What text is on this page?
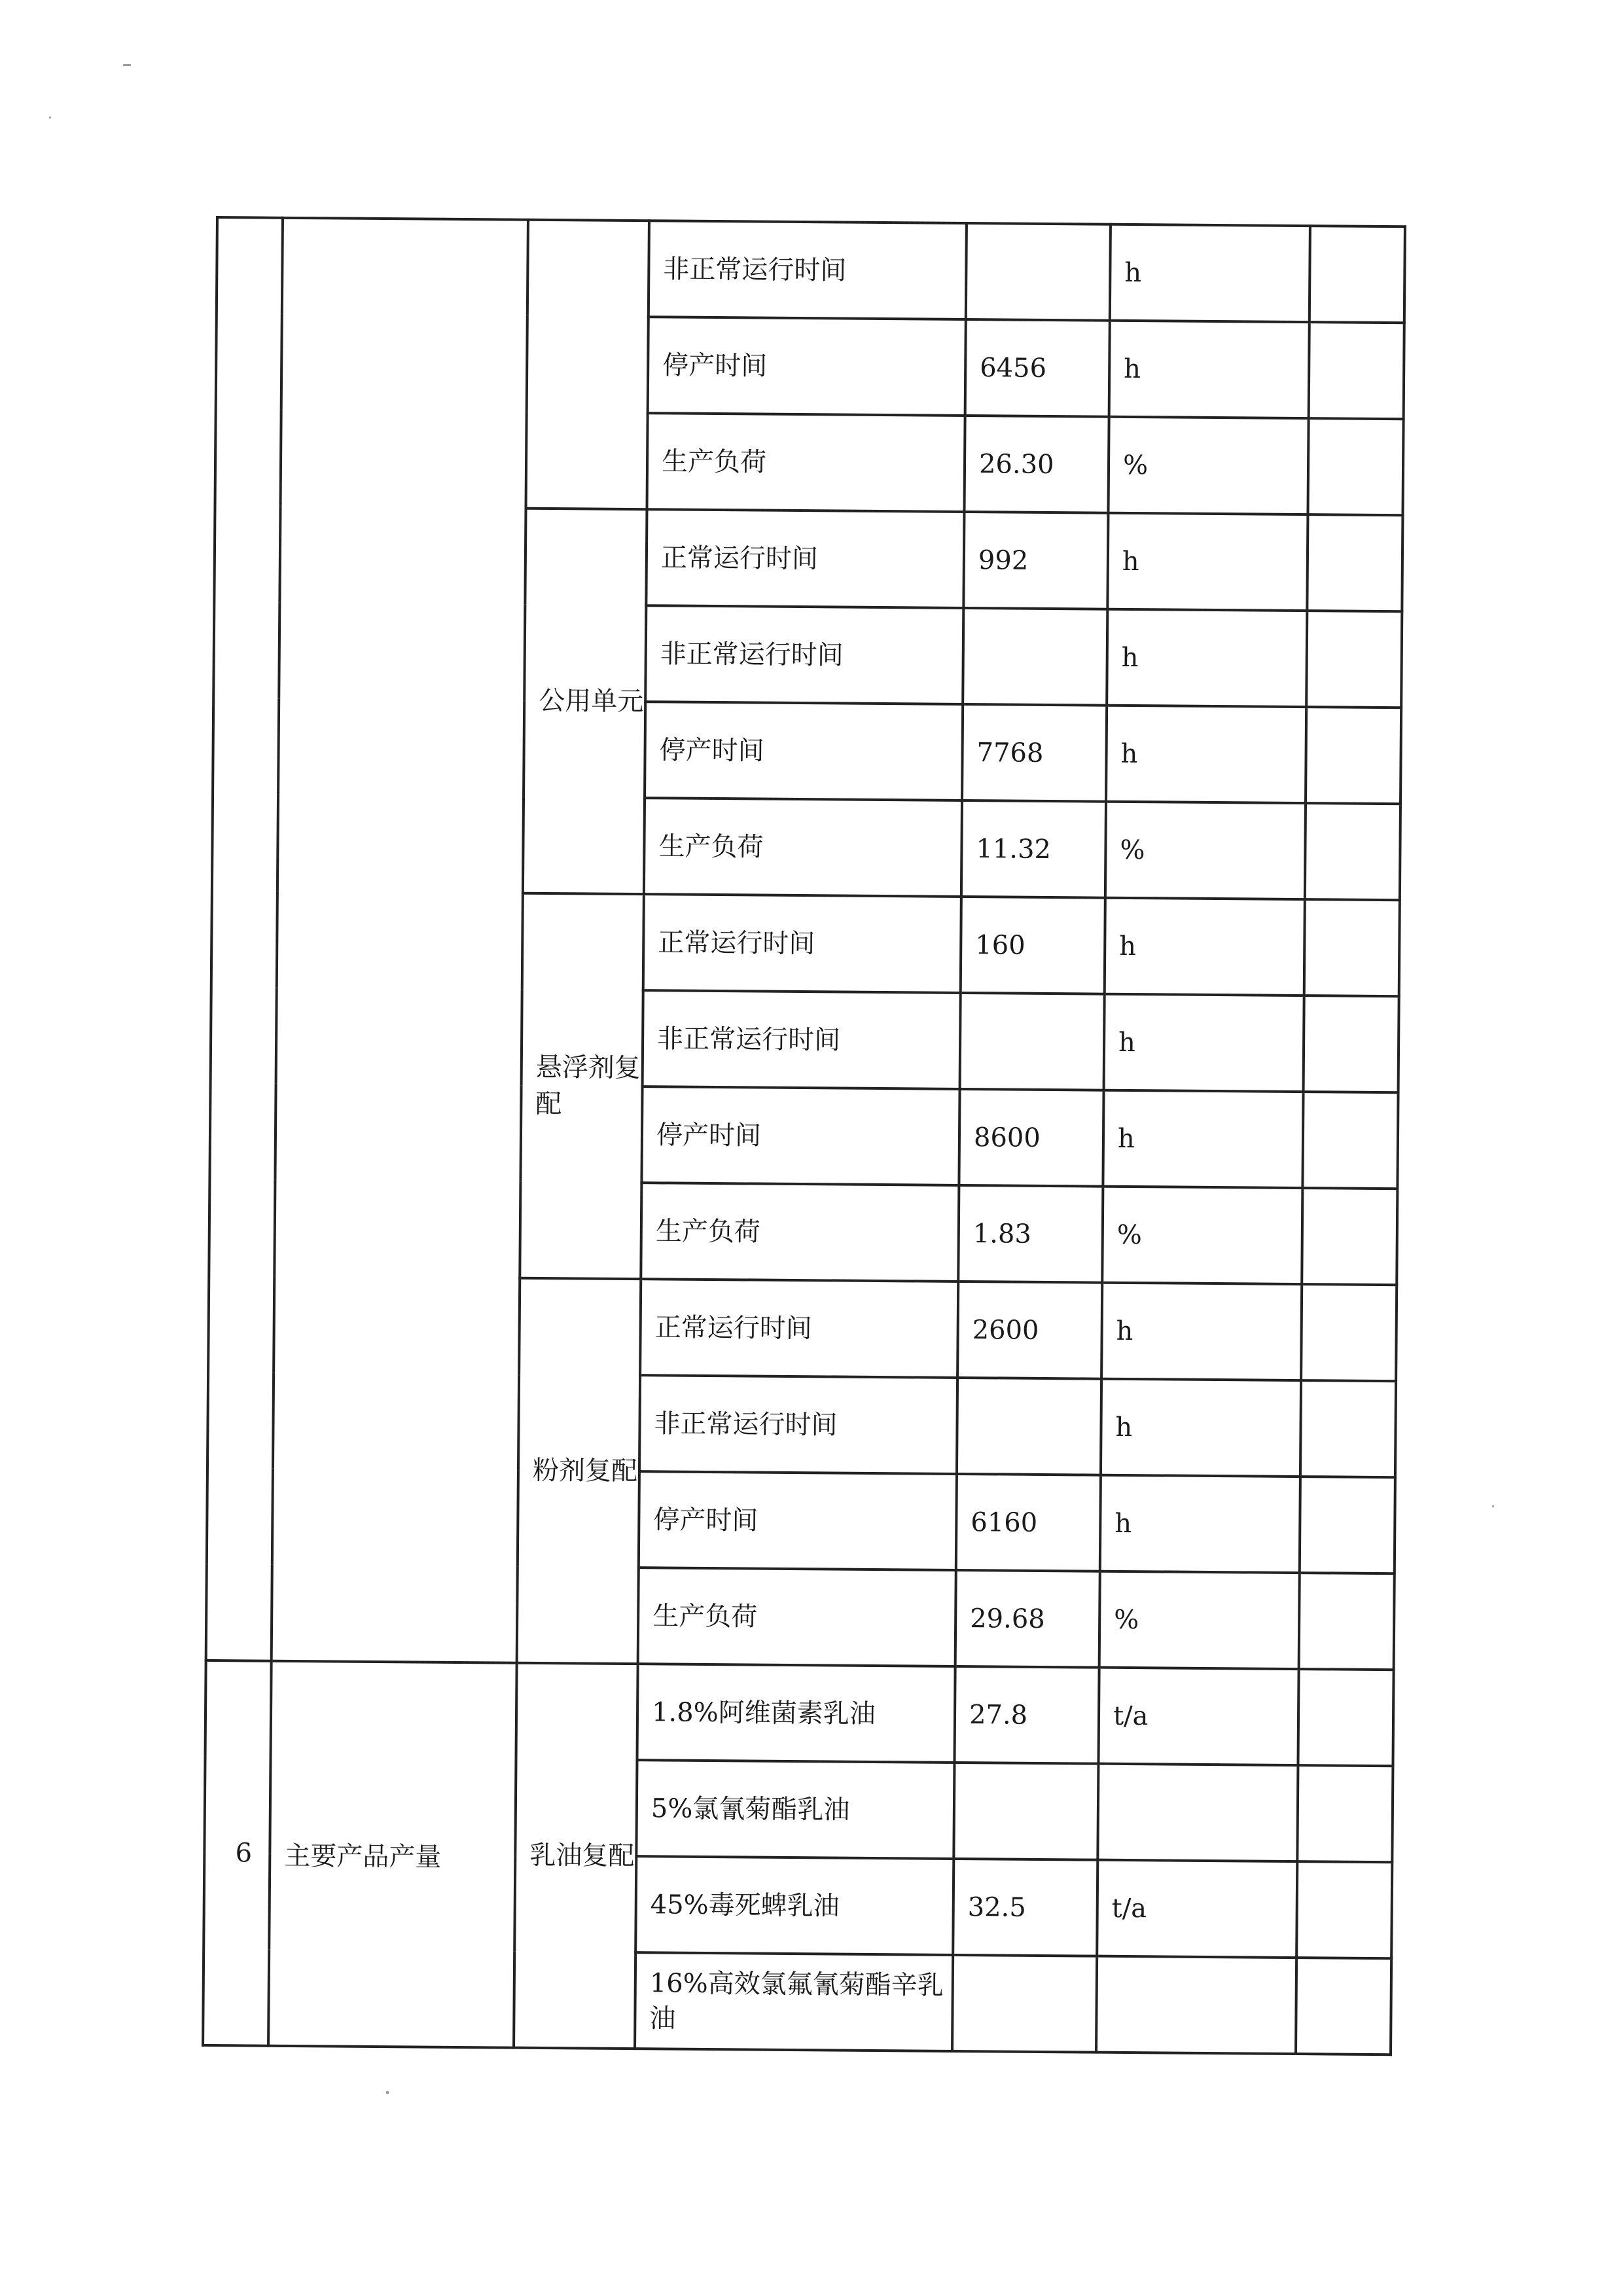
			非正常运行时间		h	
			停产时间	6456	h	
			生产负荷	26.30	%	
		公用单元	正常运行时间	992	h	
			非正常运行时间		h	
			停产时间	7768	h	
			生产负荷	11.32	%	
		悬浮剂复配	正常运行时间	160	h	
			非正常运行时间		h	
			停产时间	8600	h	
			生产负荷	1.83	%	
		粉剂复配	正常运行时间	2600	h	
			非正常运行时间		h	
			停产时间	6160	h	
			生产负荷	29.68	%	
6	主要产品产量	乳油复配	1.8%阿维菌素乳油	27.8	t/a	
			5%氯氰菊酯乳油			
			45%毒死蜱乳油	32.5	t/a	
			16%高效氯氟氰菊酯辛乳油			
